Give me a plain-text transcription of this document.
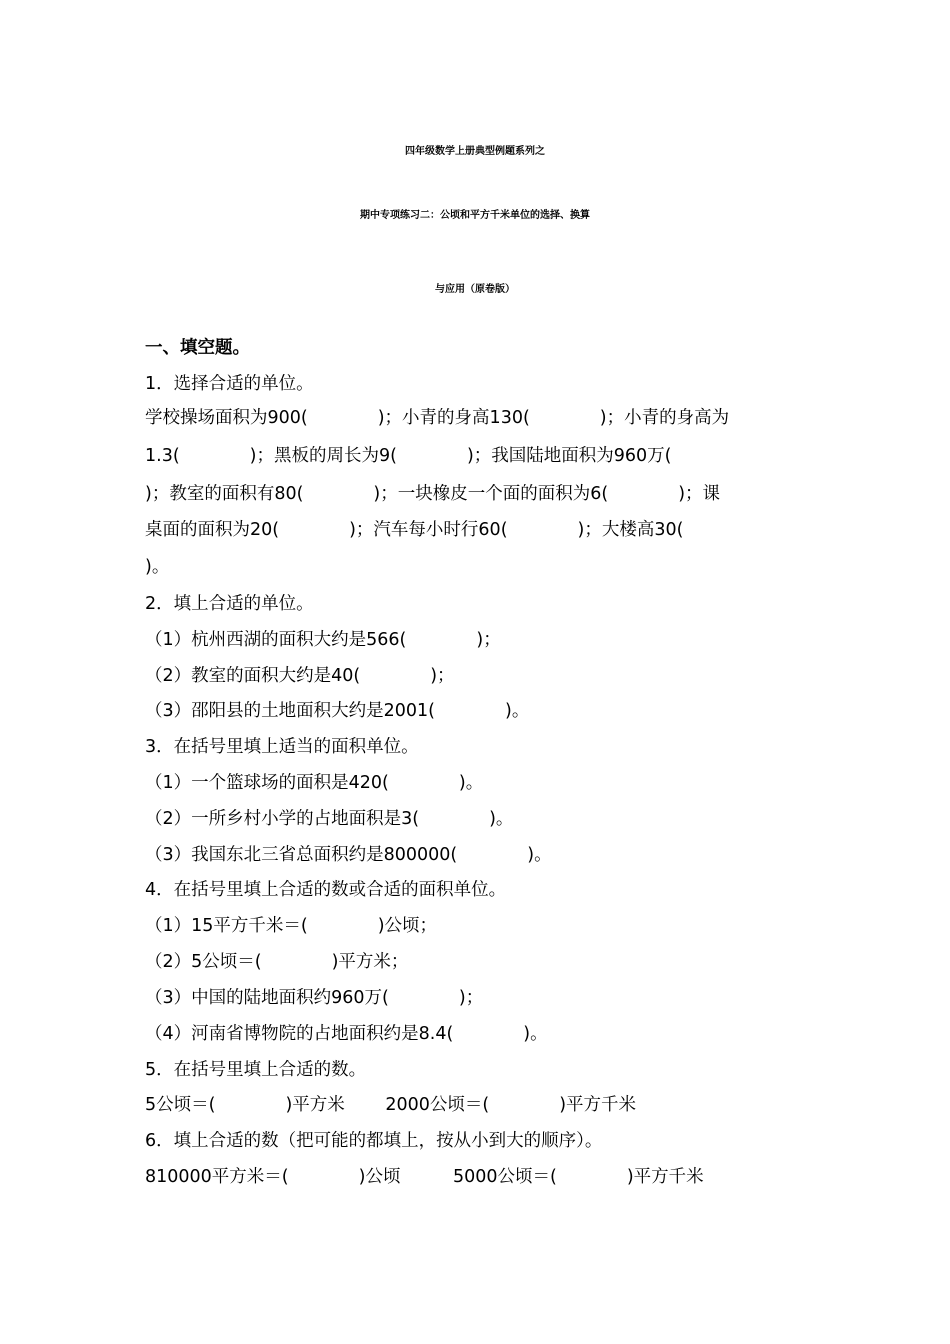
四年级数学上册典型例题系列之
期中专项练习二：公顷和平方千米单位的选择、换算
与应用（原卷版）
一、填空题。
1．选择合适的单位。
学校操场面积为900(　　　　)；小青的身高130(　　　　)；小青的身高为
1.3(　　　　)；黑板的周长为9(　　　　)；我国陆地面积为960万(
)；教室的面积有80(　　　　)；一块橡皮一个面的面积为6(　　　　)；课
桌面的面积为20(　　　　)；汽车每小时行60(　　　　)；大楼高30(
)。
2．填上合适的单位。
（1）杭州西湖的面积大约是566(　　　　)；
（2）教室的面积大约是40(　　　　)；
（3）邵阳县的土地面积大约是2001(　　　　)。
3．在括号里填上适当的面积单位。
（1）一个篮球场的面积是420(　　　　)。
（2）一所乡村小学的占地面积是3(　　　　)。
（3）我国东北三省总面积约是800000(　　　　)。
4．在括号里填上合适的数或合适的面积单位。
（1）15平方千米＝(　　　　)公顷；
（2）5公顷＝(　　　　)平方米；
（3）中国的陆地面积约960万(　　　　)；
（4）河南省博物院的占地面积约是8.4(　　　　)。
5．在括号里填上合适的数。
5公顷＝(　　　　)平方米　　 2000公顷＝(　　　　)平方千米
6．填上合适的数（把可能的都填上，按从小到大的顺序）。
810000平方米＝(　　　　)公顷　　　5000公顷＝(　　　　)平方千米
